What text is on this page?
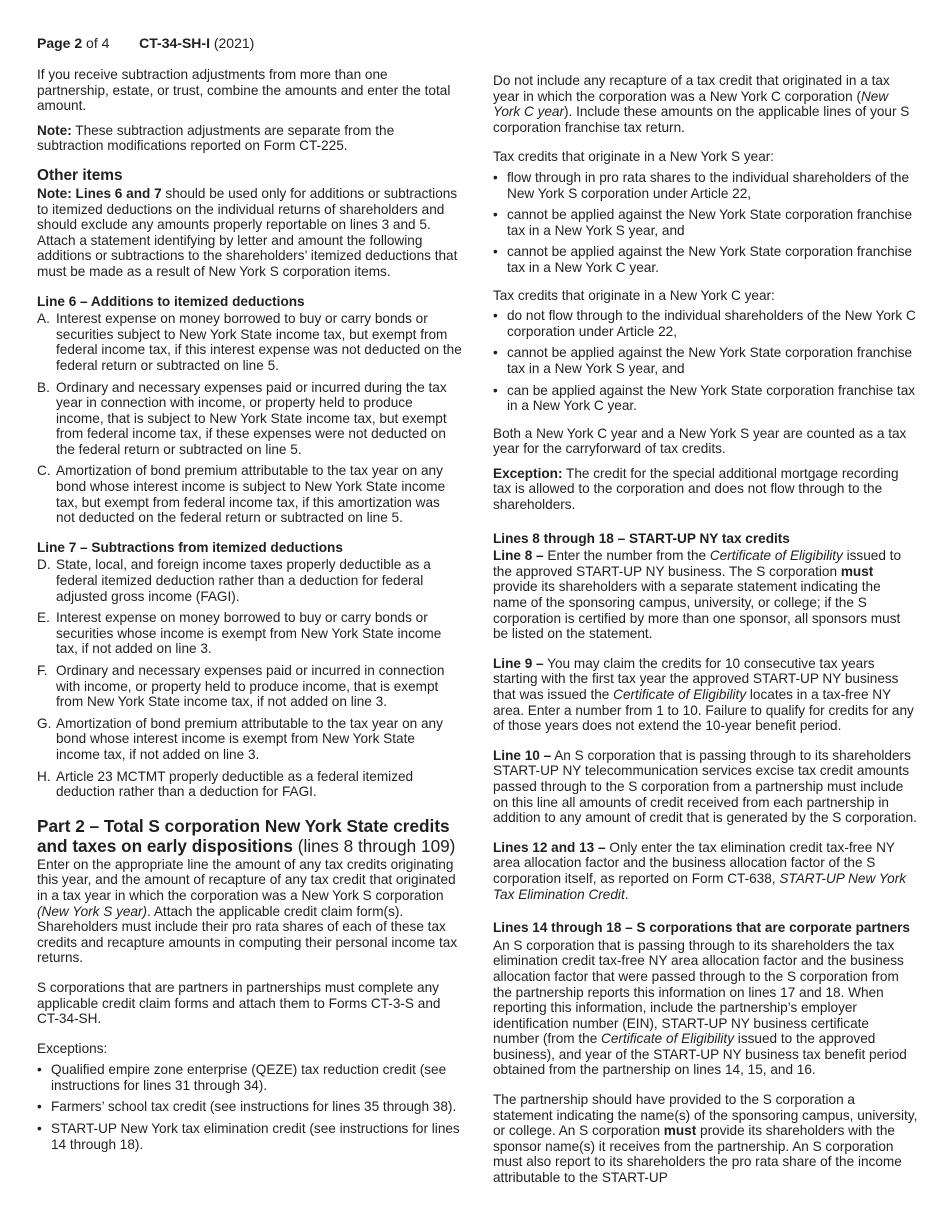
Page 2 of 4 CT-34-SH-I (2021)

If you receive subtraction adjustments from more than one partnership, estate, or trust, combine the amounts and enter the total amount.

Note: These subtraction adjustments are separate from the subtraction modifications reported on Form CT-225.

Other items

Note: Lines 6 and 7 should be used only for additions or subtractions to itemized deductions on the individual returns of shareholders and should exclude any amounts properly reportable on lines 3 and 5. Attach a statement identifying by letter and amount the following additions or subtractions to the shareholders’ itemized deductions that must be made as a result of New York S corporation items.

Line 6 – Additions to itemized deductions

A. Interest expense on money borrowed to buy or carry bonds or securities subject to New York State income tax, but exempt from federal income tax, if this interest expense was not deducted on the federal return or subtracted on line 5.

B. Ordinary and necessary expenses paid or incurred during the tax year in connection with income, or property held to produce income, that is subject to New York State income tax, but exempt from federal income tax, if these expenses were not deducted on the federal return or subtracted on line 5.

C. Amortization of bond premium attributable to the tax year on any bond whose interest income is subject to New York State income tax, but exempt from federal income tax, if this amortization was not deducted on the federal return or subtracted on line 5.

Line 7 – Subtractions from itemized deductions

D. State, local, and foreign income taxes properly deductible as a federal itemized deduction rather than a deduction for federal adjusted gross income (FAGI).

E. Interest expense on money borrowed to buy or carry bonds or securities whose income is exempt from New York State income tax, if not added on line 3.

F. Ordinary and necessary expenses paid or incurred in connection with income, or property held to produce income, that is exempt from New York State income tax, if not added on line 3.

G. Amortization of bond premium attributable to the tax year on any bond whose interest income is exempt from New York State income tax, if not added on line 3.

H. Article 23 MCTMT properly deductible as a federal itemized deduction rather than a deduction for FAGI.

Part 2 – Total S corporation New York State credits and taxes on early dispositions (lines 8 through 109)

Enter on the appropriate line the amount of any tax credits originating this year, and the amount of recapture of any tax credit that originated in a tax year in which the corporation was a New York S corporation (New York S year). Attach the applicable credit claim form(s). Shareholders must include their pro rata shares of each of these tax credits and recapture amounts in computing their personal income tax returns.

S corporations that are partners in partnerships must complete any applicable credit claim forms and attach them to Forms CT-3-S and CT-34-SH.

Exceptions:

• Qualified empire zone enterprise (QEZE) tax reduction credit (see instructions for lines 31 through 34).

• Farmers’ school tax credit (see instructions for lines 35 through 38).

• START-UP New York tax elimination credit (see instructions for lines 14 through 18).

Do not include any recapture of a tax credit that originated in a tax year in which the corporation was a New York C corporation (New York C year). Include these amounts on the applicable lines of your S corporation franchise tax return.

Tax credits that originate in a New York S year:

• flow through in pro rata shares to the individual shareholders of the New York S corporation under Article 22,

• cannot be applied against the New York State corporation franchise tax in a New York S year, and

• cannot be applied against the New York State corporation franchise tax in a New York C year.

Tax credits that originate in a New York C year:

• do not flow through to the individual shareholders of the New York C corporation under Article 22,

• cannot be applied against the New York State corporation franchise tax in a New York S year, and

• can be applied against the New York State corporation franchise tax in a New York C year.

Both a New York C year and a New York S year are counted as a tax year for the carryforward of tax credits.

Exception: The credit for the special additional mortgage recording tax is allowed to the corporation and does not flow through to the shareholders.

Lines 8 through 18 – START-UP NY tax credits

Line 8 – Enter the number from the Certificate of Eligibility issued to the approved START-UP NY business. The S corporation must provide its shareholders with a separate statement indicating the name of the sponsoring campus, university, or college; if the S corporation is certified by more than one sponsor, all sponsors must be listed on the statement.

Line 9 – You may claim the credits for 10 consecutive tax years starting with the first tax year the approved START-UP NY business that was issued the Certificate of Eligibility locates in a tax-free NY area. Enter a number from 1 to 10. Failure to qualify for credits for any of those years does not extend the 10-year benefit period.

Line 10 – An S corporation that is passing through to its shareholders START-UP NY telecommunication services excise tax credit amounts passed through to the S corporation from a partnership must include on this line all amounts of credit received from each partnership in addition to any amount of credit that is generated by the S corporation.

Lines 12 and 13 – Only enter the tax elimination credit tax-free NY area allocation factor and the business allocation factor of the S corporation itself, as reported on Form CT-638, START-UP New York Tax Elimination Credit.

Lines 14 through 18 – S corporations that are corporate partners

An S corporation that is passing through to its shareholders the tax elimination credit tax-free NY area allocation factor and the business allocation factor that were passed through to the S corporation from the partnership reports this information on lines 17 and 18. When reporting this information, include the partnership’s employer identification number (EIN), START-UP NY business certificate number (from the Certificate of Eligibility issued to the approved business), and year of the START-UP NY business tax benefit period obtained from the partnership on lines 14, 15, and 16.

The partnership should have provided to the S corporation a statement indicating the name(s) of the sponsoring campus, university, or college. An S corporation must provide its shareholders with the sponsor name(s) it receives from the partnership. An S corporation must also report to its shareholders the pro rata share of the income attributable to the START-UP
